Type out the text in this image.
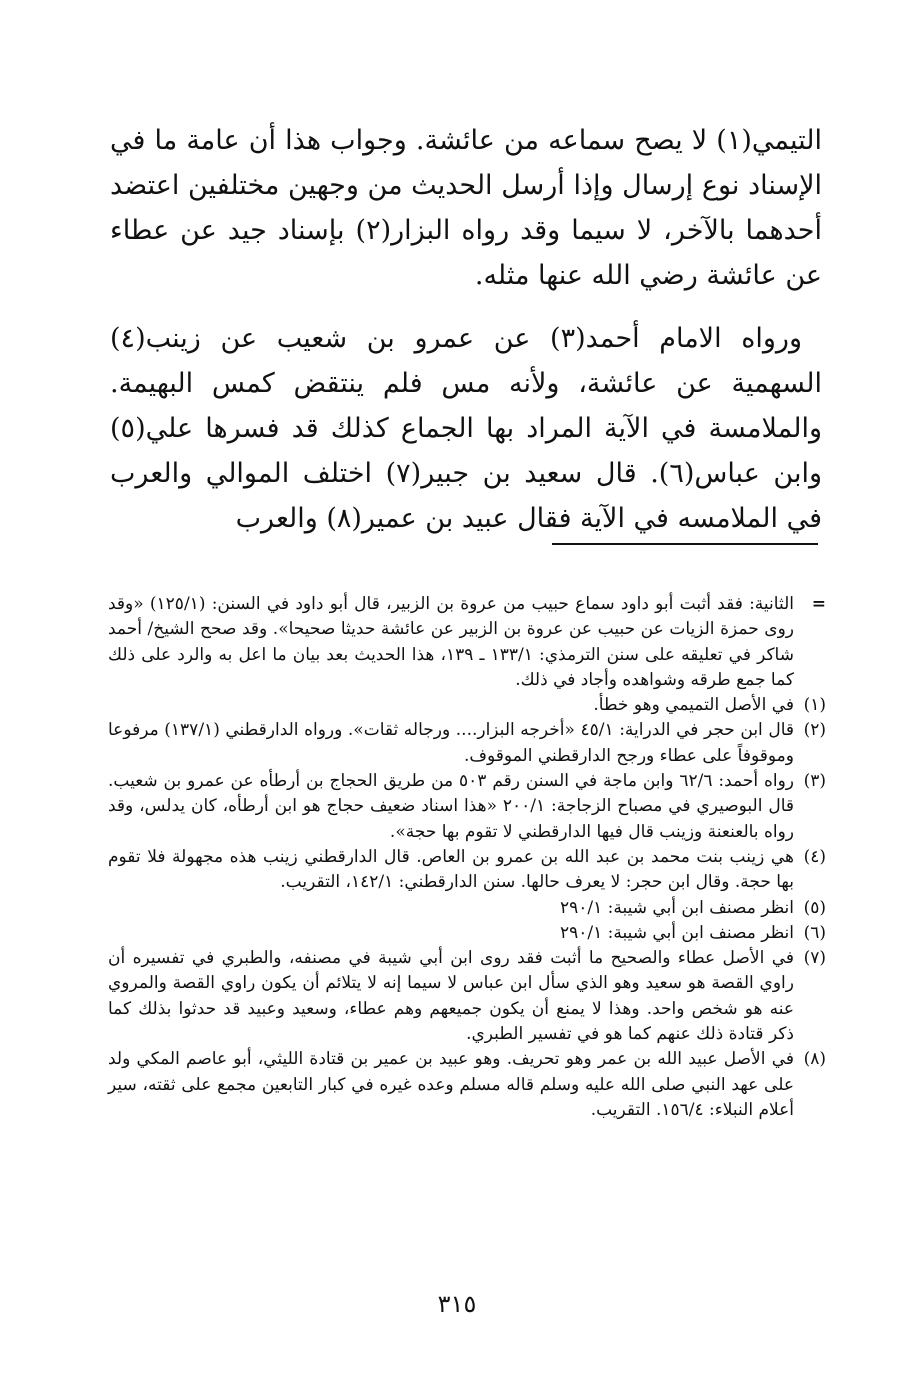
التيمي(١) لا يصح سماعه من عائشة. وجواب هذا أن عامة ما في الإسناد نوع إرسال وإذا أرسل الحديث من وجهين مختلفين اعتضد أحدهما بالآخر، لا سيما وقد رواه البزار(٢) بإسناد جيد عن عطاء عن عائشة رضي الله عنها مثله.

ورواه الامام أحمد(٣) عن عمرو بن شعيب عن زينب(٤) السهمية عن عائشة، ولأنه مس فلم ينتقض كمس البهيمة. والملامسة في الآية المراد بها الجماع كذلك قد فسرها علي(٥) وابن عباس(٦). قال سعيد بن جبير(٧) اختلف الموالي والعرب في الملامسه في الآية فقال عبيد بن عمير(٨) والعرب

=
الثانية: فقد أثبت أبو داود سماع حبيب من عروة بن الزبير، قال أبو داود في السنن: (١٢٥/١) «وقد روى حمزة الزيات عن حبيب عن عروة بن الزبير عن عائشة حديثا صحيحا». وقد صحح الشيخ/ أحمد شاكر في تعليقه على سنن الترمذي: ١٣٣/١ ـ ١٣٩، هذا الحديث بعد بيان ما اعل به والرد على ذلك كما جمع طرقه وشواهده وأجاد في ذلك.
(١)
في الأصل التميمي وهو خطأ.
(٢)
قال ابن حجر في الدراية: ٤٥/١ «أخرجه البزار.... ورجاله ثقات». ورواه الدارقطني (١٣٧/١) مرفوعا وموقوفاً على عطاء ورجح الدارقطني الموقوف.
(٣)
رواه أحمد: ٦٢/٦ وابن ماجة في السنن رقم ٥٠٣ من طريق الحجاج بن أرطأه عن عمرو بن شعيب. قال البوصيري في مصباح الزجاجة: ٢٠٠/١ «هذا اسناد ضعيف حجاج هو ابن أرطأه، كان يدلس، وقد رواه بالعنعنة وزينب قال فيها الدارقطني لا تقوم بها حجة».
(٤)
هي زينب بنت محمد بن عبد الله بن عمرو بن العاص. قال الدارقطني زينب هذه مجهولة فلا تقوم بها حجة. وقال ابن حجر: لا يعرف حالها. سنن الدارقطني: ١٤٢/١، التقريب.
(٥)
انظر مصنف ابن أبي شيبة: ٢٩٠/١
(٦)
انظر مصنف ابن أبي شيبة: ٢٩٠/١
(٧)
في الأصل عطاء والصحيح ما أثبت فقد روى ابن أبي شيبة في مصنفه، والطبري في تفسيره أن راوي القصة هو سعيد وهو الذي سأل ابن عباس لا سيما إنه لا يتلائم أن يكون راوي القصة والمروي عنه هو شخص واحد. وهذا لا يمنع أن يكون جميعهم وهم عطاء، وسعيد وعبيد قد حدثوا بذلك كما ذكر قتادة ذلك عنهم كما هو في تفسير الطبري.
(٨)
في الأصل عبيد الله بن عمر وهو تحريف. وهو عبيد بن عمير بن قتادة الليثي، أبو عاصم المكي ولد على عهد النبي صلى الله عليه وسلم قاله مسلم وعده غيره في كبار التابعين مجمع على ثقته، سير أعلام النبلاء: ١٥٦/٤. التقريب.
٣١٥
